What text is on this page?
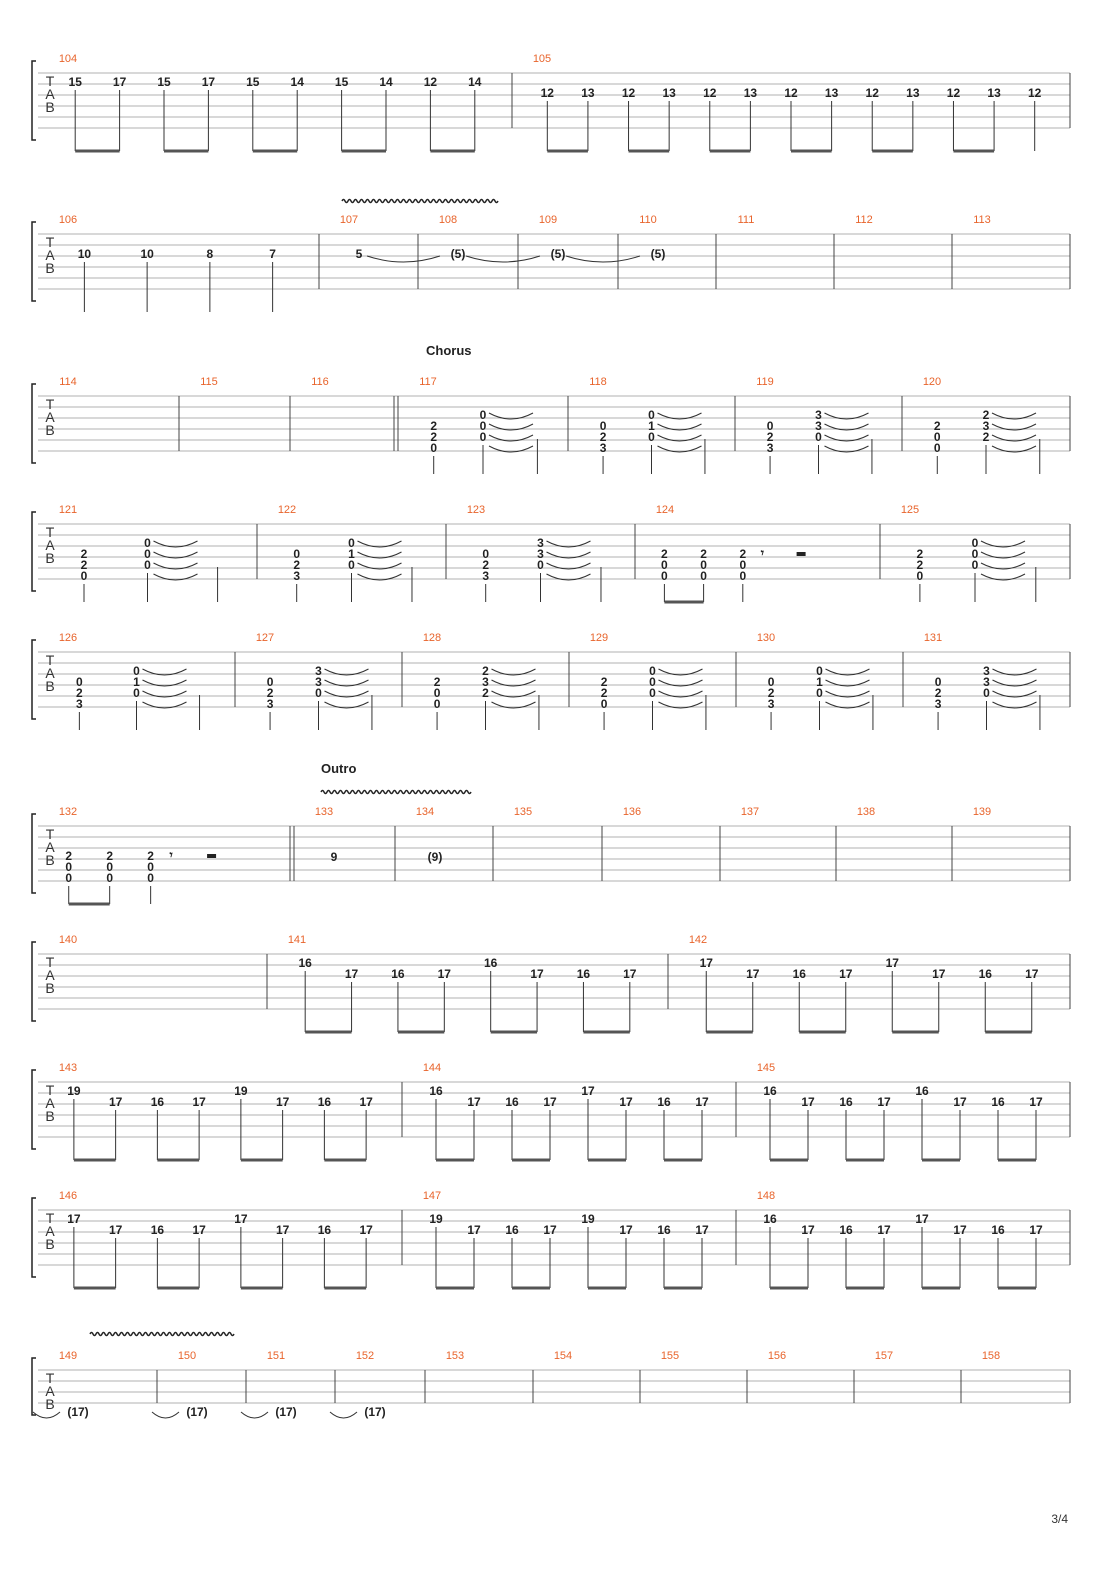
T
A
B
104
15	17	15	17	15	14	15	14	12	14
105
12 13 12 13 12 13 12 13 12 13 12 13 12
T
A
B
106
10	10	8	7
107
5
108
(5)
109
(5)
110
(5)
111	112	113
T
A
B
Chorus
114	115	116	117
2
2
0
0
0
0
118
0
2
3
0
1
0
119
0
2
3
3
3
0
120
2
0
0
2
3
2
T
A
B
121
2
2
0
0
0
0
122
0
2
3
0
1
0
123
0
2
3
3
3
0
124
2
0
0
2
0
0
2
0
0
𝄾
125
2
2
0
0
0
0
T
A
B
126
0
2
3
0
1
0
127
0
2
3
3
3
0
128
2
0
0
2
3
2
129
2
2
0
0
0
0
130
0
2
3
0
1
0
131
0
2
3
3
3
0
T
A
B
Outro
132
2
0
0
2
0
0
2
0
0
𝄾
133
9
134
(9)
135	136	137	138	139
T
A
B
140	141
16
17	16	17
16
17	16	17
142
17
17	16	17
17
17	16	17
T
A
B
143
19
17 16 17
19
17 16 17
144
16
17 16 17
17
17 16 17
145
16
17 16 17
16
17 16 17
T
A
B
146
17
17 16 17
17
17 16 17
147
19
17 16 17
19
17 16 17
148
16
17 16 17
17
17 16 17
T
A
B
149
(17)
150
(17)
151
(17)
152
(17)
153	154	155	156	157	158
3/4
